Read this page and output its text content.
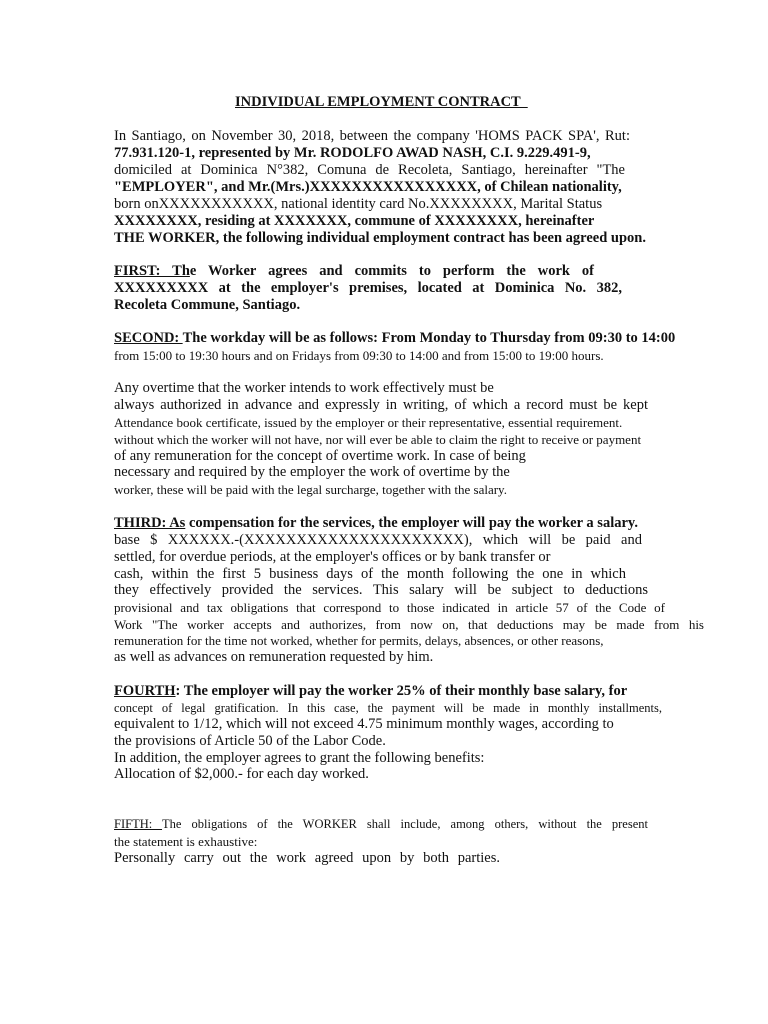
INDIVIDUAL EMPLOYMENT CONTRACT
In Santiago, on November 30, 2018, between the company 'HOMS PACK SPA', Rut:
77.931.120-1, represented by Mr. RODOLFO AWAD NASH, C.I. 9.229.491-9,
domiciled at Dominica N°382, Comuna de Recoleta, Santiago, hereinafter "The
"EMPLOYER", and Mr.(Mrs.)XXXXXXXXXXXXXXXX, of Chilean nationality,
born onXXXXXXXXXXX, national identity card No.XXXXXXXX, Marital Status
XXXXXXXX, residing at XXXXXXX, commune of XXXXXXXX, hereinafter
THE WORKER, the following individual employment contract has been agreed upon.
FIRST: The Worker agrees and commits to perform the work of
XXXXXXXXX at the employer's premises, located at Dominica No. 382,
Recoleta Commune, Santiago.
SECOND: The workday will be as follows: From Monday to Thursday from 09:30 to 14:00
from 15:00 to 19:30 hours and on Fridays from 09:30 to 14:00 and from 15:00 to 19:00 hours.
Any overtime that the worker intends to work effectively must be
always authorized in advance and expressly in writing, of which a record must be kept
Attendance book certificate, issued by the employer or their representative, essential requirement.
without which the worker will not have, nor will ever be able to claim the right to receive or payment
of any remuneration for the concept of overtime work. In case of being
necessary and required by the employer the work of overtime by the
worker, these will be paid with the legal surcharge, together with the salary.
THIRD: As compensation for the services, the employer will pay the worker a salary.
base $ XXXXXX.-(XXXXXXXXXXXXXXXXXXXXX), which will be paid and
settled, for overdue periods, at the employer's offices or by bank transfer or
cash, within the first 5 business days of the month following the one in which
they effectively provided the services. This salary will be subject to deductions
provisional and tax obligations that correspond to those indicated in article 57 of the Code of
Work "The worker accepts and authorizes, from now on, that deductions may be made from his
remuneration for the time not worked, whether for permits, delays, absences, or other reasons,
as well as advances on remuneration requested by him.
FOURTH: The employer will pay the worker 25% of their monthly base salary, for
concept of legal gratification. In this case, the payment will be made in monthly installments,
equivalent to 1/12, which will not exceed 4.75 minimum monthly wages, according to
the provisions of Article 50 of the Labor Code.
In addition, the employer agrees to grant the following benefits:
Allocation of $2,000.- for each day worked.
FIFTH: The obligations of the WORKER shall include, among others, without the present
the statement is exhaustive:
Personally carry out the work agreed upon by both parties.
